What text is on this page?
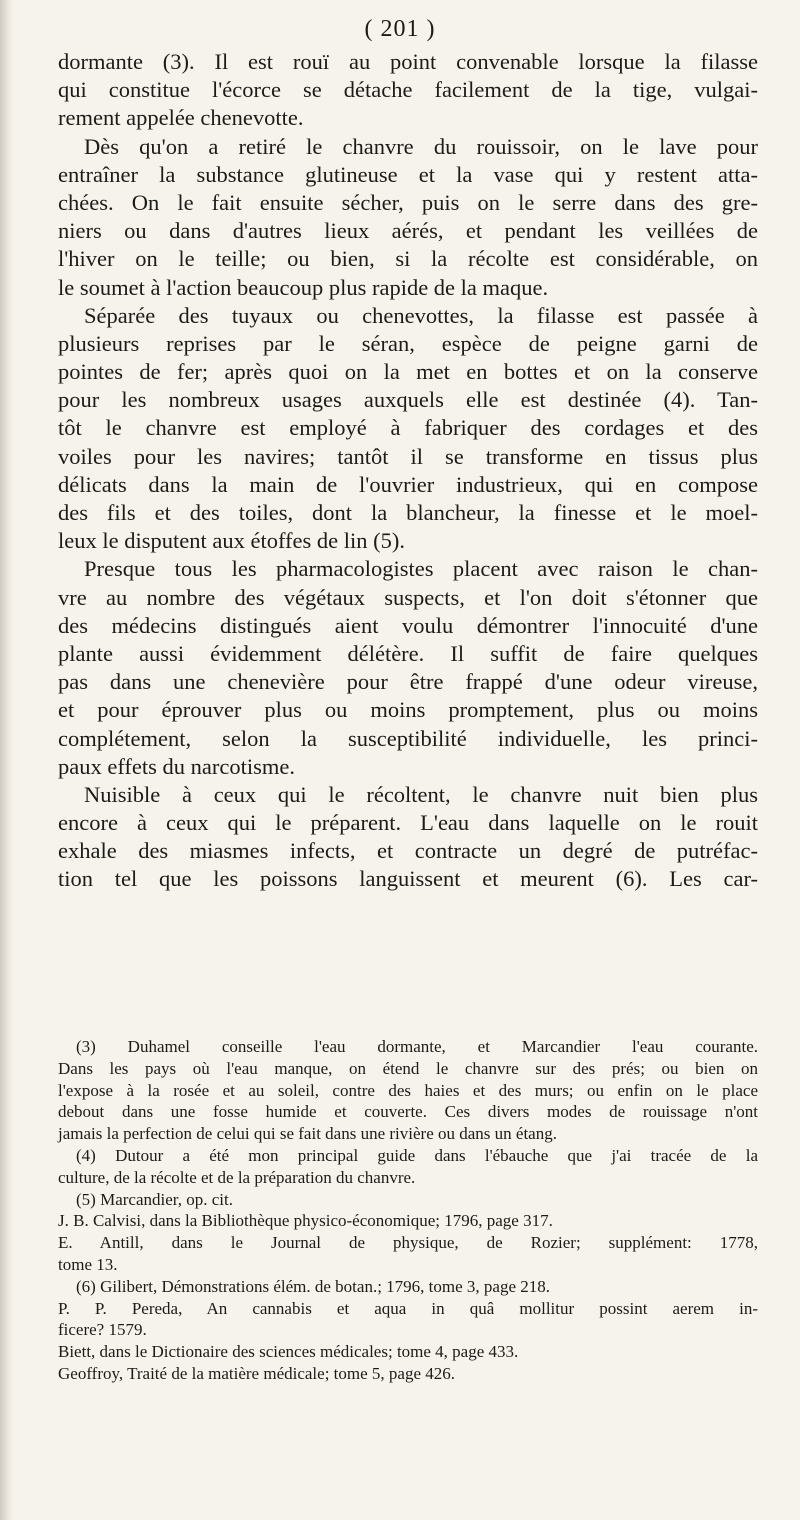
( 201 )
dormante (3). Il est rouï au point convenable lorsque la filasse
qui constitue l'écorce se détache facilement de la tige, vulgai-
rement appelée chenevotte.
Dès qu'on a retiré le chanvre du rouissoir, on le lave pour
entraîner la substance glutineuse et la vase qui y restent atta-
chées. On le fait ensuite sécher, puis on le serre dans des gre-
niers ou dans d'autres lieux aérés, et pendant les veillées de
l'hiver on le teille; ou bien, si la récolte est considérable, on
le soumet à l'action beaucoup plus rapide de la maque.
Séparée des tuyaux ou chenevottes, la filasse est passée à
plusieurs reprises par le séran, espèce de peigne garni de
pointes de fer; après quoi on la met en bottes et on la conserve
pour les nombreux usages auxquels elle est destinée (4). Tan-
tôt le chanvre est employé à fabriquer des cordages et des
voiles pour les navires; tantôt il se transforme en tissus plus
délicats dans la main de l'ouvrier industrieux, qui en compose
des fils et des toiles, dont la blancheur, la finesse et le moel-
leux le disputent aux étoffes de lin (5).
Presque tous les pharmacologistes placent avec raison le chan-
vre au nombre des végétaux suspects, et l'on doit s'étonner que
des médecins distingués aient voulu démontrer l'innocuité d'une
plante aussi évidemment délétère. Il suffit de faire quelques
pas dans une chenevière pour être frappé d'une odeur vireuse,
et pour éprouver plus ou moins promptement, plus ou moins
complétement, selon la susceptibilité individuelle, les princi-
paux effets du narcotisme.
Nuisible à ceux qui le récoltent, le chanvre nuit bien plus
encore à ceux qui le préparent. L'eau dans laquelle on le rouit
exhale des miasmes infects, et contracte un degré de putréfac-
tion tel que les poissons languissent et meurent (6). Les car-
(3) Duhamel conseille l'eau dormante, et Marcandier l'eau courante.
Dans les pays où l'eau manque, on étend le chanvre sur des prés; ou bien on
l'expose à la rosée et au soleil, contre des haies et des murs; ou enfin on le place
debout dans une fosse humide et couverte. Ces divers modes de rouissage n'ont
jamais la perfection de celui qui se fait dans une rivière ou dans un étang.
(4) Dutour a été mon principal guide dans l'ébauche que j'ai tracée de la
culture, de la récolte et de la préparation du chanvre.
(5) Marcandier, op. cit.
J. B. Calvisi, dans la Bibliothèque physico-économique; 1796, page 317.
E. Antill, dans le Journal de physique, de Rozier; supplément: 1778,
tome 13.
(6) Gilibert, Démonstrations élém. de botan.; 1796, tome 3, page 218.
P. P. Pereda, An cannabis et aqua in quâ mollitur possint aerem in-
ficere? 1579.
Biett, dans le Dictionaire des sciences médicales; tome 4, page 433.
Geoffroy, Traité de la matière médicale; tome 5, page 426.
